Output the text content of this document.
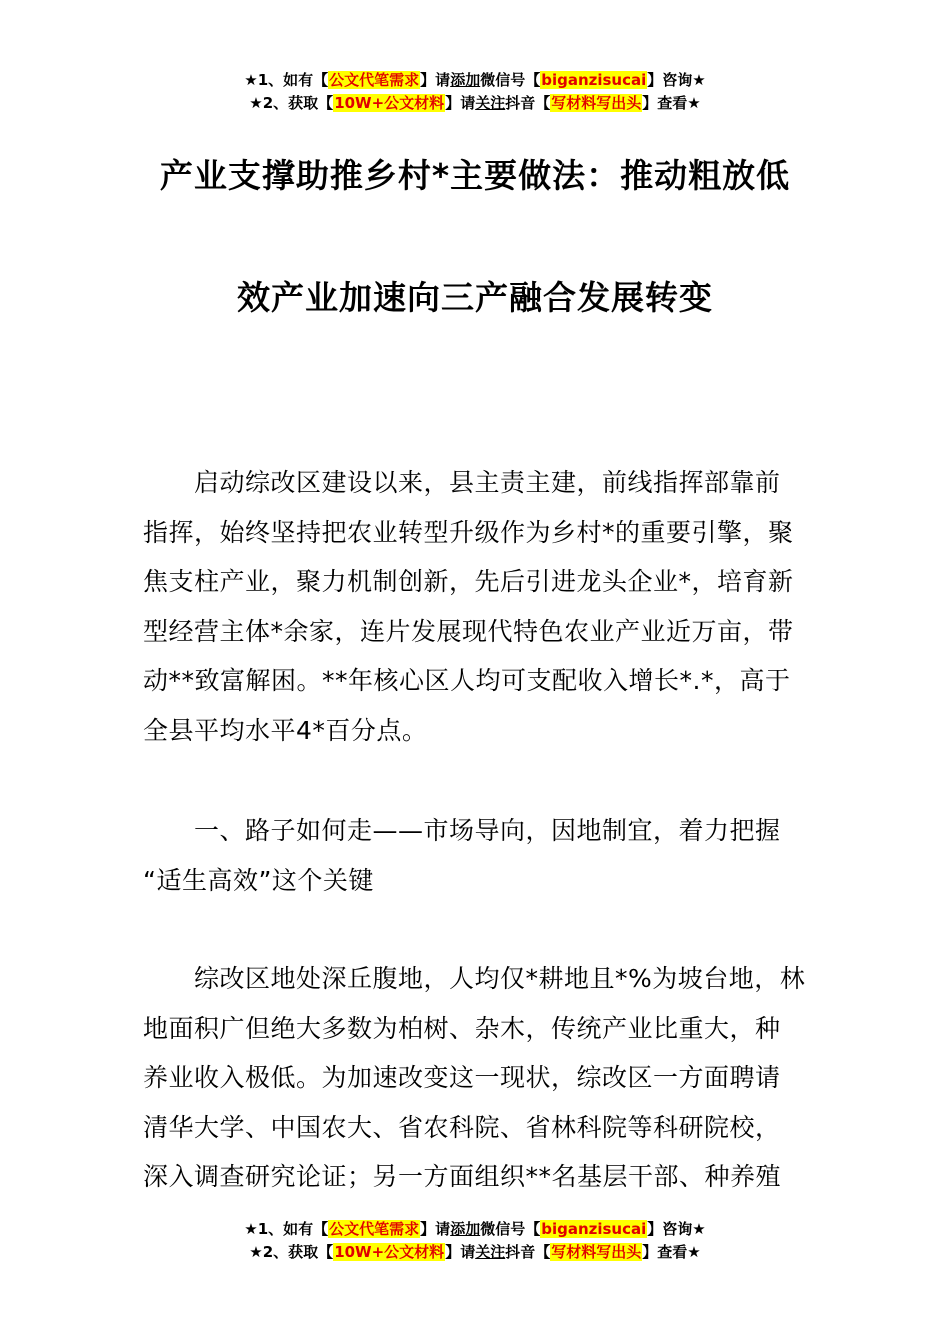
★1、如有【公文代笔需求】请添加微信号【biganzisucai】咨询★
★2、获取【10W+公文材料】请关注抖音【写材料写出头】查看★
产业支撑助推乡村*主要做法：推动粗放低
效产业加速向三产融合发展转变
启动综改区建设以来，县主责主建，前线指挥部靠前
指挥，始终坚持把农业转型升级作为乡村*的重要引擎，聚
焦支柱产业，聚力机制创新，先后引进龙头企业*，培育新
型经营主体*余家，连片发展现代特色农业产业近万亩，带
动**致富解困。**年核心区人均可支配收入增长*.*，高于
全县平均水平4*百分点。
一、路子如何走——市场导向，因地制宜，着力把握
“适生高效”这个关键
综改区地处深丘腹地，人均仅*耕地且*%为坡台地，林
地面积广但绝大多数为柏树、杂木，传统产业比重大，种
养业收入极低。为加速改变这一现状，综改区一方面聘请
清华大学、中国农大、省农科院、省林科院等科研院校，
深入调查研究论证；另一方面组织**名基层干部、种养殖
★1、如有【公文代笔需求】请添加微信号【biganzisucai】咨询★
★2、获取【10W+公文材料】请关注抖音【写材料写出头】查看★
